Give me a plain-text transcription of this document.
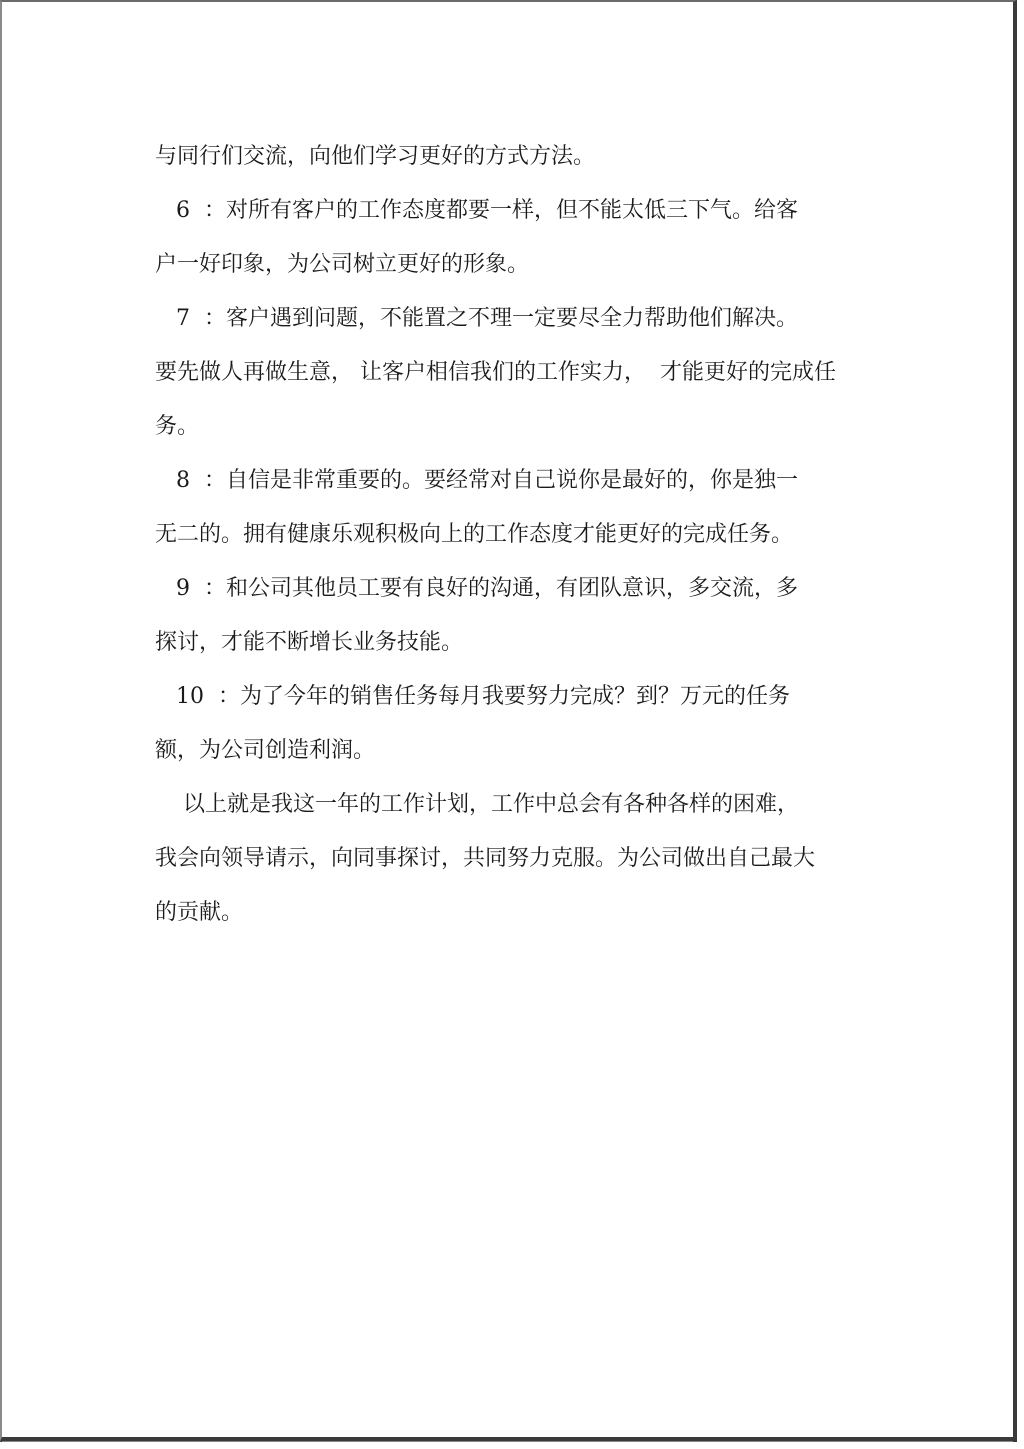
与同行们交流，向他们学习更好的方式方法。
6  ：对所有客户的工作态度都要一样，但不能太低三下气。给客
户一好印象，为公司树立更好的形象。
7  ：客户遇到问题，不能置之不理一定要尽全力帮助他们解决。
要先做人再做生意， 让客户相信我们的工作实力，  才能更好的完成任
务。
8  ：自信是非常重要的。要经常对自己说你是最好的，你是独一
无二的。拥有健康乐观积极向上的工作态度才能更好的完成任务。
9  ：和公司其他员工要有良好的沟通，有团队意识，多交流，多
探讨，才能不断增长业务技能。
10  ：为了今年的销售任务每月我要努力完成？到？万元的任务
额，为公司创造利润。
以上就是我这一年的工作计划，工作中总会有各种各样的困难，
我会向领导请示，向同事探讨，共同努力克服。为公司做出自己最大
的贡献。
